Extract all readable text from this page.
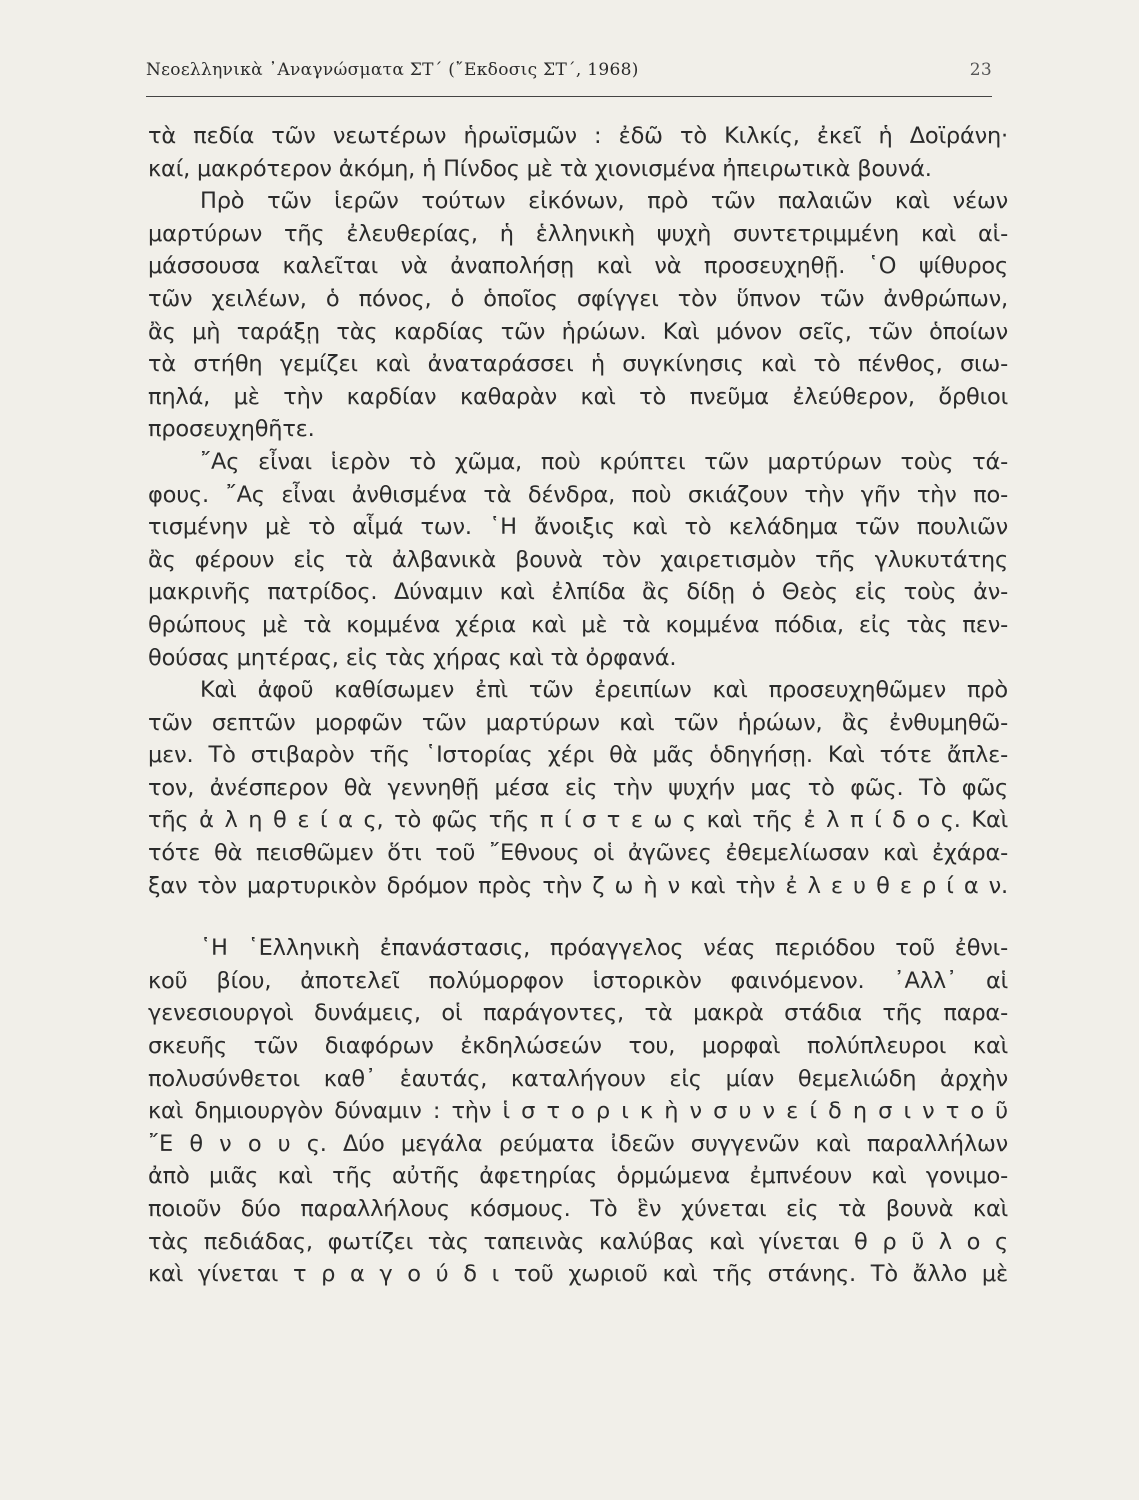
Νεοελληνικὰ ᾽Αναγνώσματα ΣΤ΄ (῎Εκδοσις ΣΤ΄, 1968)	23

τὰ πεδία τῶν νεωτέρων ἡρωϊσμῶν : ἐδῶ τὸ Κιλκίς, ἐκεῖ ἡ Δοϊράνη·

καί, μακρότερον ἀκόμη, ἡ Πίνδος μὲ τὰ χιονισμένα ἠπειρωτικὰ βουνά.

Πρὸ τῶν ἱερῶν τούτων εἰκόνων, πρὸ τῶν παλαιῶν καὶ νέων

μαρτύρων τῆς ἐλευθερίας, ἡ ἑλληνικὴ ψυχὴ συντετριμμένη καὶ αἱ-

μάσσουσα καλεῖται νὰ ἀναπολήσῃ καὶ νὰ προσευχηθῇ. ῾Ο ψίθυρος

τῶν χειλέων, ὁ πόνος, ὁ ὁποῖος σφίγγει τὸν ὕπνον τῶν ἀνθρώπων,

ἂς μὴ ταράξῃ τὰς καρδίας τῶν ἡρώων. Καὶ μόνον σεῖς, τῶν ὁποίων

τὰ στήθη γεμίζει καὶ ἀναταράσσει ἡ συγκίνησις καὶ τὸ πένθος, σιω-

πηλά, μὲ τὴν καρδίαν καθαρὰν καὶ τὸ πνεῦμα ἐλεύθερον, ὄρθιοι

προσευχηθῆτε.

῎Ας εἶναι ἱερὸν τὸ χῶμα, ποὺ κρύπτει τῶν μαρτύρων τοὺς τά-

φους. ῎Ας εἶναι ἀνθισμένα τὰ δένδρα, ποὺ σκιάζουν τὴν γῆν τὴν πο-

τισμένην μὲ τὸ αἷμά των. ῾Η ἄνοιξις καὶ τὸ κελάδημα τῶν πουλιῶν

ἂς φέρουν εἰς τὰ ἀλβανικὰ βουνὰ τὸν χαιρετισμὸν τῆς γλυκυτάτης

μακρινῆς πατρίδος. Δύναμιν καὶ ἐλπίδα ἂς δίδῃ ὁ Θεὸς εἰς τοὺς ἀν-

θρώπους μὲ τὰ κομμένα χέρια καὶ μὲ τὰ κομμένα πόδια, εἰς τὰς πεν-

θούσας μητέρας, εἰς τὰς χήρας καὶ τὰ ὀρφανά.

Καὶ ἀφοῦ καθίσωμεν ἐπὶ τῶν ἐρειπίων καὶ προσευχηθῶμεν πρὸ

τῶν σεπτῶν μορφῶν τῶν μαρτύρων καὶ τῶν ἡρώων, ἂς ἐνθυμηθῶ-

μεν. Τὸ στιβαρὸν τῆς ῾Ιστορίας χέρι θὰ μᾶς ὁδηγήσῃ. Καὶ τότε ἄπλε-

τον, ἀνέσπερον θὰ γεννηθῇ μέσα εἰς τὴν ψυχήν μας τὸ φῶς. Τὸ φῶς

τῆς ἀ λ η θ ε ί α ς, τὸ φῶς τῆς π ί σ τ ε ω ς καὶ τῆς ἐ λ π ί δ ο ς. Καὶ

τότε θὰ πεισθῶμεν ὅτι τοῦ ῎Εθνους οἱ ἀγῶνες ἐθεμελίωσαν καὶ ἐχάρα-

ξαν τὸν μαρτυρικὸν δρόμον πρὸς τὴν ζ ω ὴ ν καὶ τὴν ἐ λ ε υ θ ε ρ ί α ν.

῾Η ῾Ελληνικὴ ἐπανάστασις, πρόαγγελος νέας περιόδου τοῦ ἐθνι-

κοῦ βίου, ἀποτελεῖ πολύμορφον ἱστορικὸν φαινόμενον. ᾽Αλλ᾽ αἱ

γενεσιουργοὶ δυνάμεις, οἱ παράγοντες, τὰ μακρὰ στάδια τῆς παρα-

σκευῆς τῶν διαφόρων ἐκδηλώσεών του, μορφαὶ πολύπλευροι καὶ

πολυσύνθετοι καθ᾽ ἑαυτάς, καταλήγουν εἰς μίαν θεμελιώδη ἀρχὴν

καὶ δημιουργὸν δύναμιν : τὴν ἱ σ τ ο ρ ι κ ὴ ν σ υ ν ε ί δ η σ ι ν τ ο ῦ

῎Ε θ ν ο υ ς. Δύο μεγάλα ρεύματα ἰδεῶν συγγενῶν καὶ παραλλήλων

ἀπὸ μιᾶς καὶ τῆς αὐτῆς ἀφετηρίας ὁρμώμενα ἐμπνέουν καὶ γονιμο-

ποιοῦν δύο παραλλήλους κόσμους. Τὸ ἓν χύνεται εἰς τὰ βουνὰ καὶ

τὰς πεδιάδας, φωτίζει τὰς ταπεινὰς καλύβας καὶ γίνεται θ ρ ῦ λ ο ς

καὶ γίνεται τ ρ α γ ο ύ δ ι τοῦ χωριοῦ καὶ τῆς στάνης. Τὸ ἄλλο μὲ
